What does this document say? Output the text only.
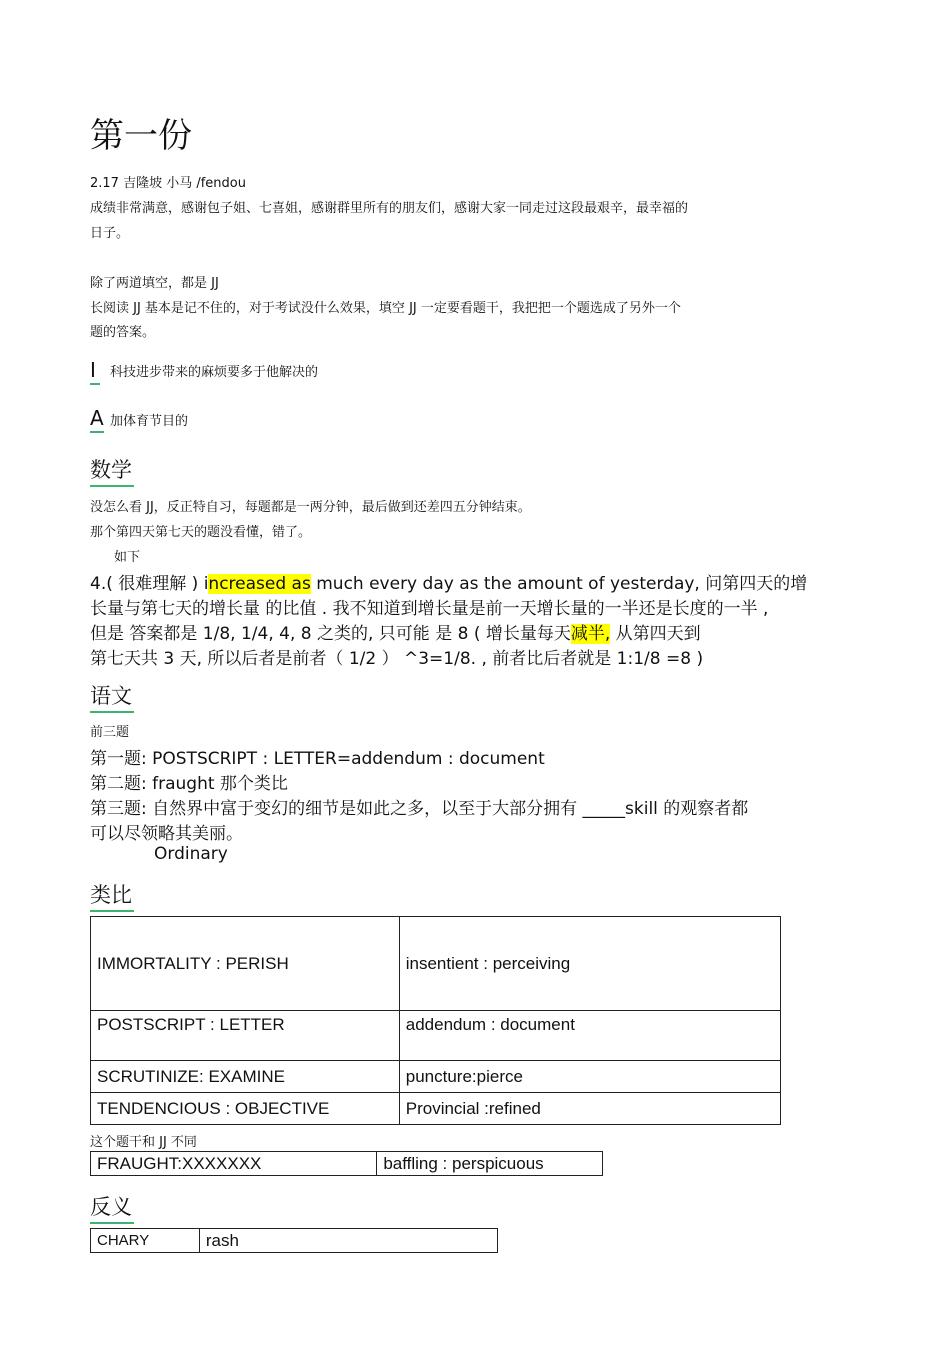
第一份
2.17 吉隆坡 小马 /fendou
成绩非常满意，感谢包子姐、七喜姐，感谢群里所有的朋友们，感谢大家一同走过这段最艰辛，最幸福的
日子。
除了两道填空，都是 JJ
长阅读 JJ 基本是记不住的，对于考试没什么效果，填空 JJ 一定要看题干，我把把一个题选成了另外一个
题的答案。
I	科技进步带来的麻烦要多于他解决的
A 加体育节目的
数学
没怎么看 JJ，反正特自习，每题都是一两分钟，最后做到还差四五分钟结束。
那个第四天第七天的题没看懂，错了。
如下
4.( 很难理解 ) increased as much every day as the amount of yesterday, 问第四天的增
长量与第七天的增长量 的比值 . 我不知道到增长量是前一天增长量的一半还是长度的一半 ,
但是 答案都是 1/8, 1/4, 4, 8 之类的, 只可能 是 8 ( 增长量每天减半, 从第四天到
第七天共 3 天, 所以后者是前者（ 1/2 ） ^3=1/8. , 前者比后者就是 1:1/8 =8 )
语文
前三题
第一题: POSTSCRIPT : LETTER=addendum : document
第二题: fraught 那个类比
第三题: 自然界中富于变幻的细节是如此之多，以至于大部分拥有 _____skill 的观察者都
可以尽领略其美丽。
Ordinary
类比
IMMORTALITY : PERISH	insentient : perceiving
POSTSCRIPT : LETTER	addendum : document
SCRUTINIZE: EXAMINE	puncture:pierce
TENDENCIOUS : OBJECTIVE	Provincial :refined
这个题干和 JJ 不同
FRAUGHT:XXXXXXX	baffling : perspicuous
反义
CHARY	rash
